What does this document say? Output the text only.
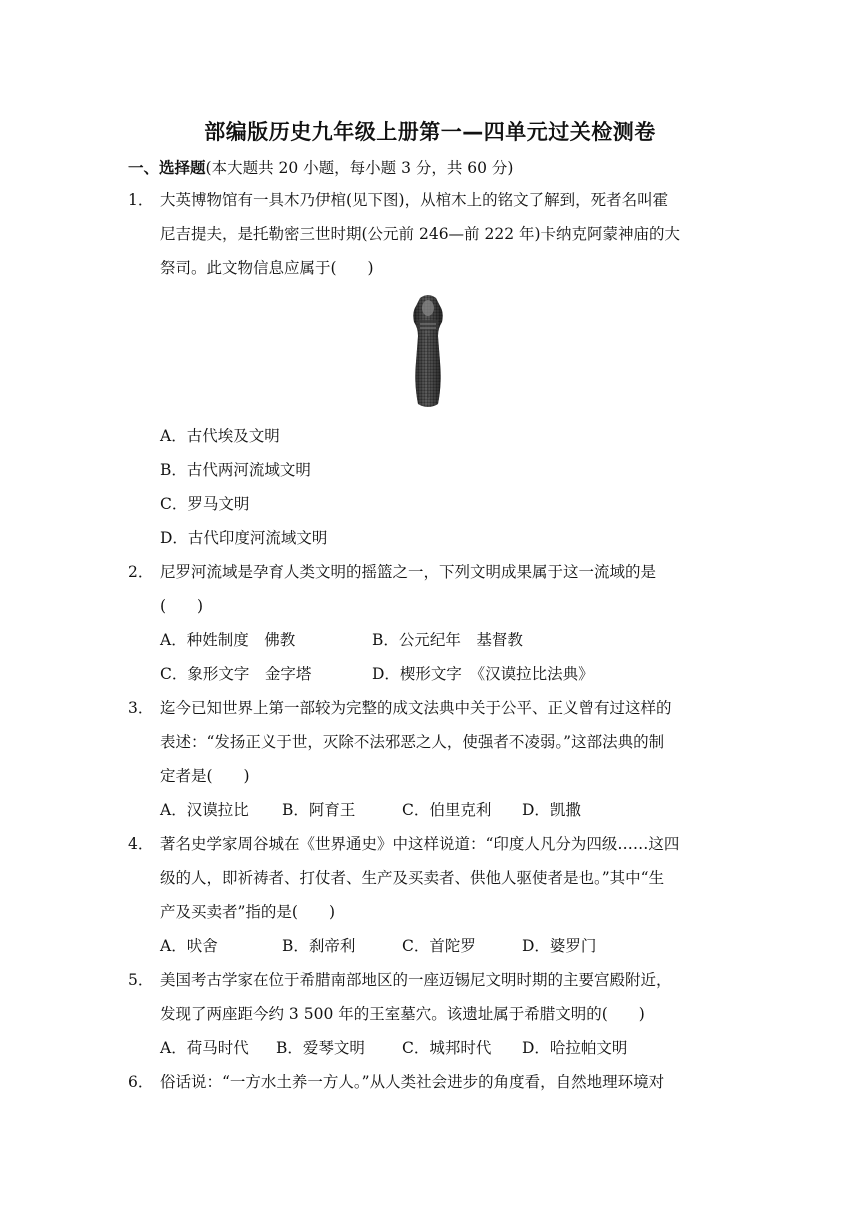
部编版历史九年级上册第一—四单元过关检测卷
一、选择题(本大题共 20 小题，每小题 3 分，共 60 分)
1． 大英博物馆有一具木乃伊棺(见下图)，从棺木上的铭文了解到，死者名叫霍
尼吉提夫，是托勒密三世时期(公元前 246—前 222 年)卡纳克阿蒙神庙的大
祭司。此文物信息应属于(　　)
A．古代埃及文明
B．古代两河流域文明
C．罗马文明
D．古代印度河流域文明
2． 尼罗河流域是孕育人类文明的摇篮之一，下列文明成果属于这一流域的是
(　　)
A．种姓制度　佛教	B．公元纪年　基督教
C．象形文字　金字塔	D．楔形文字　《汉谟拉比法典》
3． 迄今已知世界上第一部较为完整的成文法典中关于公平、正义曾有过这样的
表述：“发扬正义于世，灭除不法邪恶之人，使强者不凌弱。”这部法典的制
定者是(　　)
A．汉谟拉比 B．阿育王	C．伯里克利 D．凯撒
4． 著名史学家周谷城在《世界通史》中这样说道：“印度人凡分为四级……这四
级的人，即祈祷者、打仗者、生产及买卖者、供他人驱使者是也。”其中“生
产及买卖者”指的是(　　)
A．吠舍	B．刹帝利	C．首陀罗	D．婆罗门
5． 美国考古学家在位于希腊南部地区的一座迈锡尼文明时期的主要宫殿附近，
发现了两座距今约 3 500 年的王室墓穴。该遗址属于希腊文明的(　　)
A．荷马时代 B．爱琴文明 C．城邦时代 D．哈拉帕文明
6． 俗话说：“一方水土养一方人。”从人类社会进步的角度看，自然地理环境对
